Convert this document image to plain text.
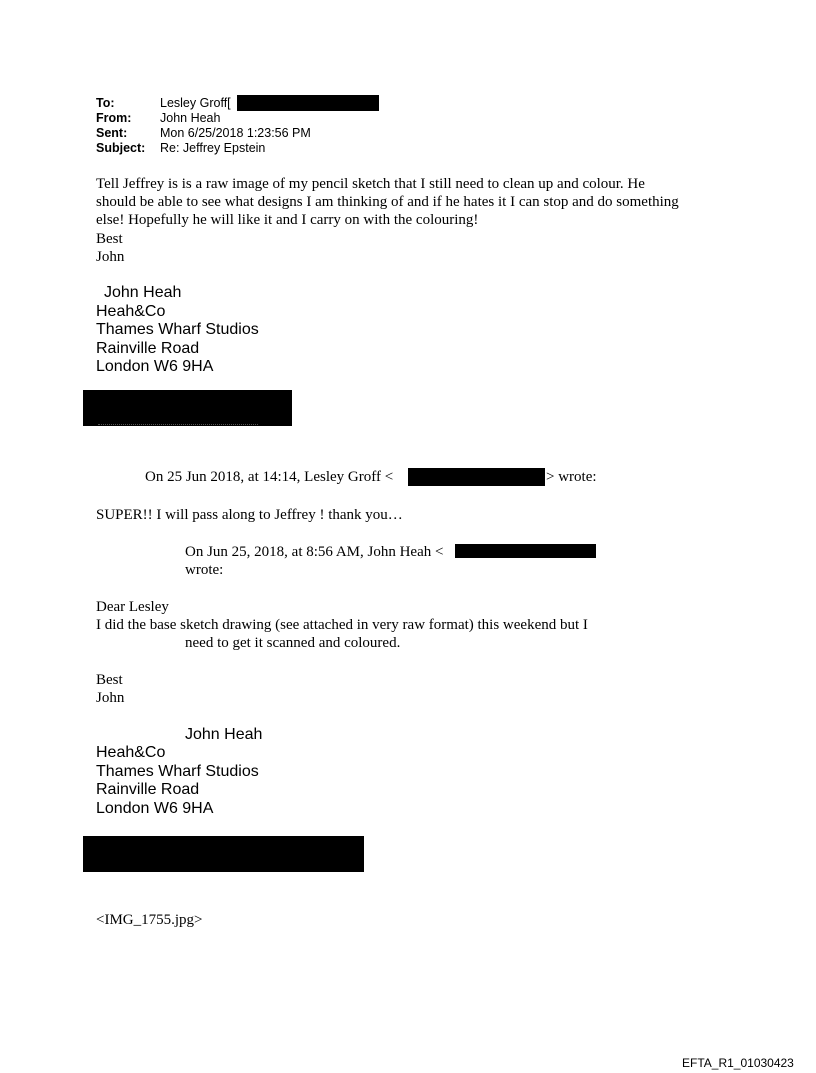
To:	Lesley Groff[
From: John Heah
Sent:	Mon 6/25/2018 1:23:56 PM
Subject: Re: Jeffrey Epstein
Tell Jeffrey is is a raw image of my pencil sketch that I still need to clean up and colour. He
should be able to see what designs I am thinking of and if he hates it I can stop and do something
else! Hopefully he will like it and I carry on with the colouring!
Best
John
John Heah
Heah&Co
Thames Wharf Studios
Rainville Road
London W6 9HA
On 25 Jun 2018, at 14:14, Lesley Groff <	> wrote:
SUPER!! I will pass along to Jeffrey ! thank you…
On Jun 25, 2018, at 8:56 AM, John Heah <
wrote:
Dear Lesley
I did the base sketch drawing (see attached in very raw format) this weekend but I
need to get it scanned and coloured.
Best
John
John Heah
Heah&Co
Thames Wharf Studios
Rainville Road
London W6 9HA
<IMG_1755.jpg>
EFTA_R1_01030423
